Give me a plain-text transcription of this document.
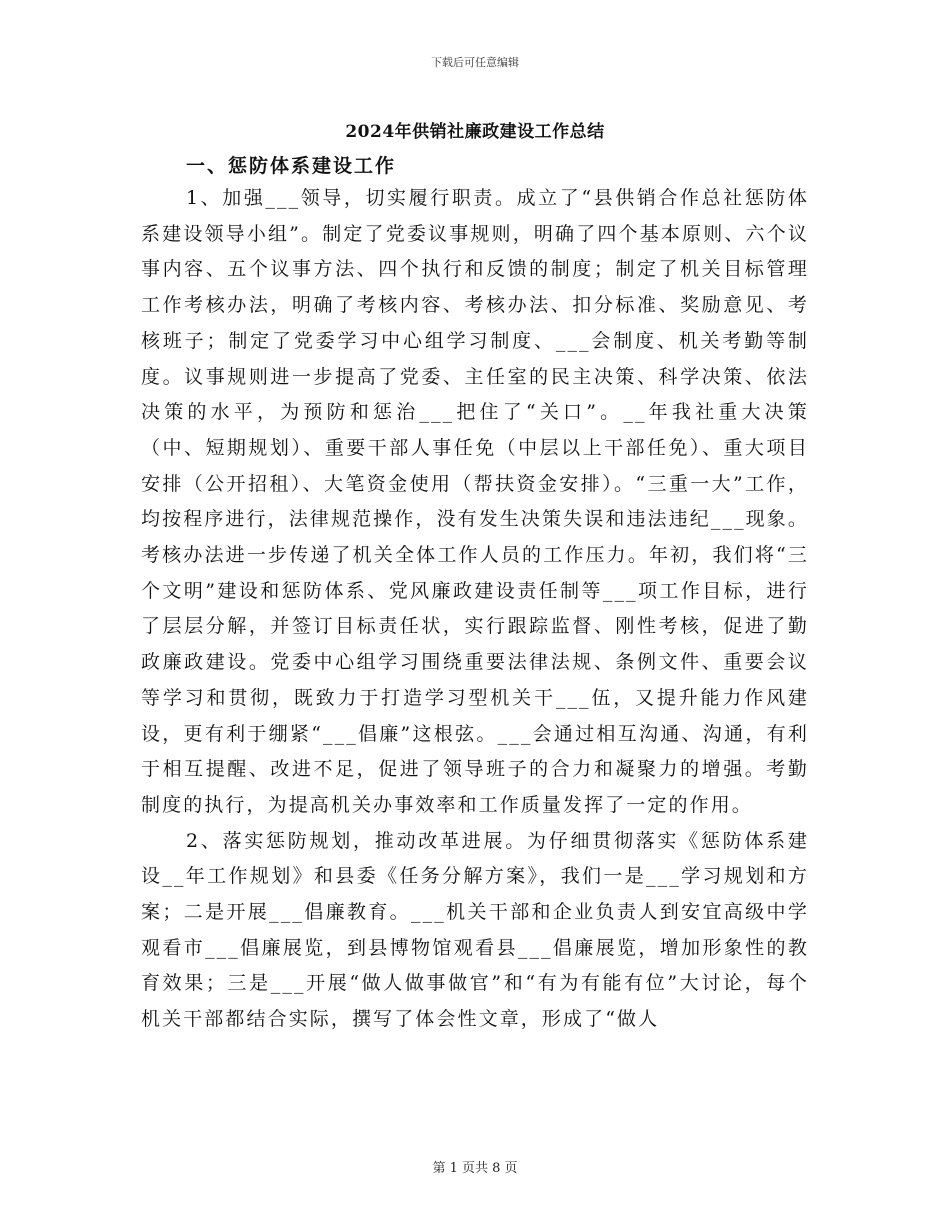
下载后可任意编辑
2024年供销社廉政建设工作总结
一、惩防体系建设工作

1、加强___领导，切实履行职责。成立了“县供销合作总社惩防体系建设领导小组”。制定了党委议事规则，明确了四个基本原则、六个议事内容、五个议事方法、四个执行和反馈的制度；制定了机关目标管理工作考核办法，明确了考核内容、考核办法、扣分标准、奖励意见、考核班子；制定了党委学习中心组学习制度、___会制度、机关考勤等制度。议事规则进一步提高了党委、主任室的民主决策、科学决策、依法决策的水平，为预防和惩治___把住了“关口”。__年我社重大决策（中、短期规划）、重要干部人事任免（中层以上干部任免）、重大项目安排（公开招租）、大笔资金使用（帮扶资金安排）。“三重一大”工作，均按程序进行，法律规范操作，没有发生决策失误和违法违纪___现象。考核办法进一步传递了机关全体工作人员的工作压力。年初，我们将“三个文明”建设和惩防体系、党风廉政建设责任制等___项工作目标，进行了层层分解，并签订目标责任状，实行跟踪监督、刚性考核，促进了勤政廉政建设。党委中心组学习围绕重要法律法规、条例文件、重要会议等学习和贯彻，既致力于打造学习型机关干___伍，又提升能力作风建设，更有利于绷紧“___倡廉”这根弦。___会通过相互沟通、沟通，有利于相互提醒、改进不足，促进了领导班子的合力和凝聚力的增强。考勤制度的执行，为提高机关办事效率和工作质量发挥了一定的作用。

2、落实惩防规划，推动改革进展。为仔细贯彻落实《惩防体系建设__年工作规划》和县委《任务分解方案》，我们一是___学习规划和方案；二是开展___倡廉教育。___机关干部和企业负责人到安宜高级中学观看市___倡廉展览，到县博物馆观看县___倡廉展览，增加形象性的教育效果；三是___开展“做人做事做官”和“有为有能有位”大讨论，每个机关干部都结合实际，撰写了体会性文章，形成了“做人

第 1 页共 8 页
